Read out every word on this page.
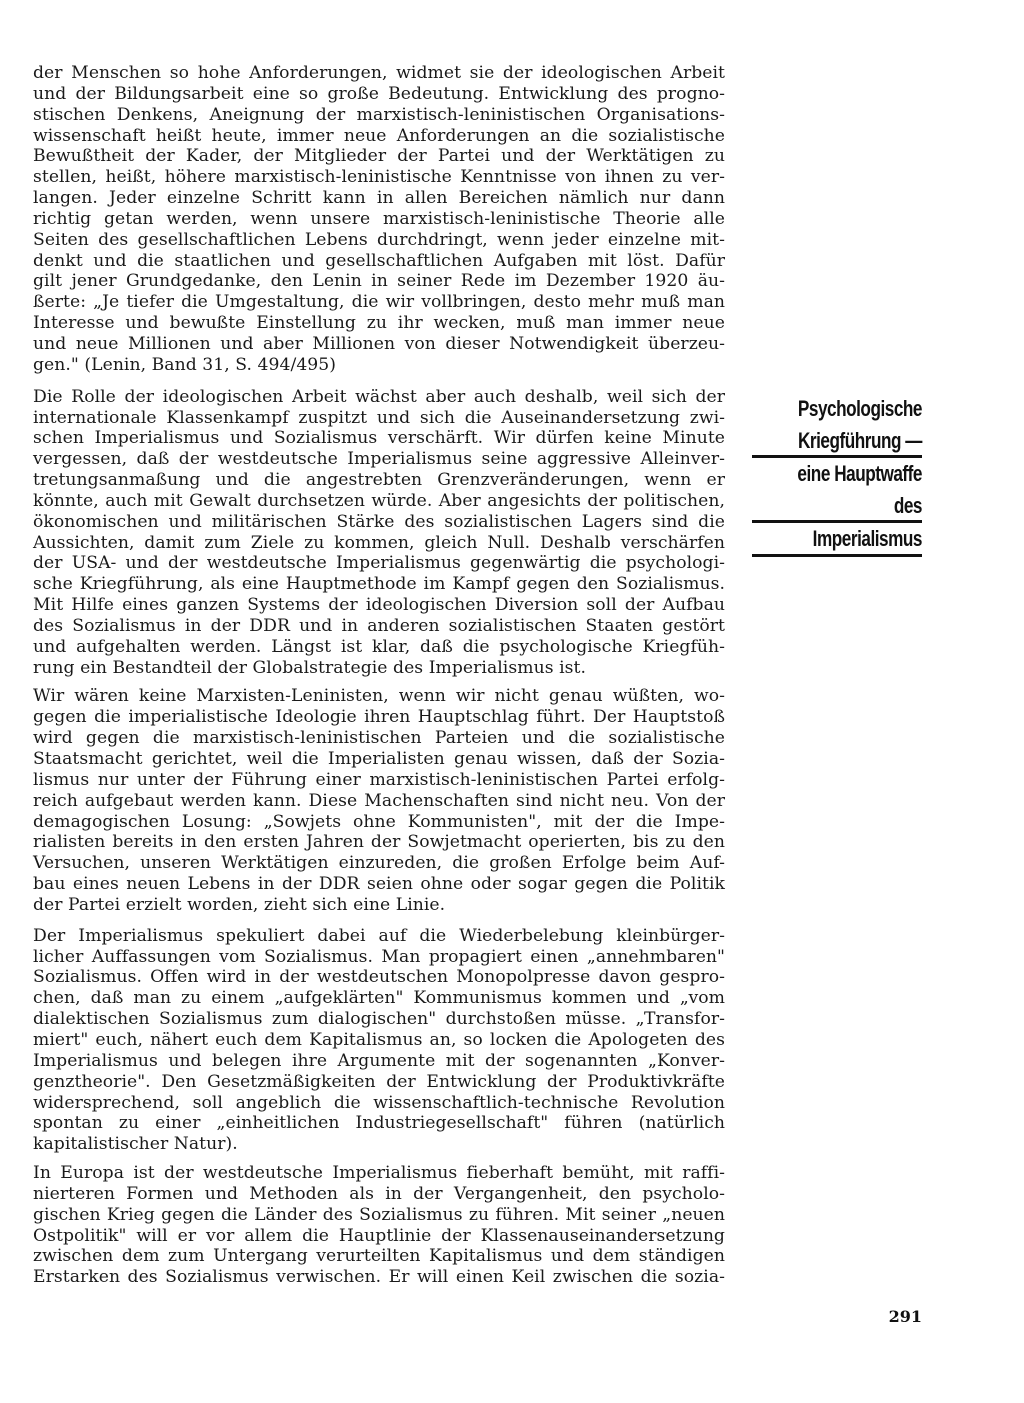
der Menschen so hohe Anforderungen, widmet sie der ideologischen Arbeit
und der Bildungsarbeit eine so große Bedeutung. Entwicklung des progno-
stischen Denkens, Aneignung der marxistisch-leninistischen Organisations-
wissenschaft heißt heute, immer neue Anforderungen an die sozialistische
Bewußtheit der Kader, der Mitglieder der Partei und der Werktätigen zu
stellen, heißt, höhere marxistisch-leninistische Kenntnisse von ihnen zu ver-
langen. Jeder einzelne Schritt kann in allen Bereichen nämlich nur dann
richtig getan werden, wenn unsere marxistisch-leninistische Theorie alle
Seiten des gesellschaftlichen Lebens durchdringt, wenn jeder einzelne mit-
denkt und die staatlichen und gesellschaftlichen Aufgaben mit löst. Dafür
gilt jener Grundgedanke, den Lenin in seiner Rede im Dezember 1920 äu-
ßerte: „Je tiefer die Umgestaltung, die wir vollbringen, desto mehr muß man
Interesse und bewußte Einstellung zu ihr wecken, muß man immer neue
und neue Millionen und aber Millionen von dieser Notwendigkeit überzeu-
gen." (Lenin, Band 31, S. 494/495)

Die Rolle der ideologischen Arbeit wächst aber auch deshalb, weil sich der
internationale Klassenkampf zuspitzt und sich die Auseinandersetzung zwi-
schen Imperialismus und Sozialismus verschärft. Wir dürfen keine Minute
vergessen, daß der westdeutsche Imperialismus seine aggressive Alleinver-
tretungsanmaßung und die angestrebten Grenzveränderungen, wenn er
könnte, auch mit Gewalt durchsetzen würde. Aber angesichts der politischen,
ökonomischen und militärischen Stärke des sozialistischen Lagers sind die
Aussichten, damit zum Ziele zu kommen, gleich Null. Deshalb verschärfen
der USA- und der westdeutsche Imperialismus gegenwärtig die psychologi-
sche Kriegführung, als eine Hauptmethode im Kampf gegen den Sozialismus.
Mit Hilfe eines ganzen Systems der ideologischen Diversion soll der Aufbau
des Sozialismus in der DDR und in anderen sozialistischen Staaten gestört
und aufgehalten werden. Längst ist klar, daß die psychologische Kriegfüh-
rung ein Bestandteil der Globalstrategie des Imperialismus ist.

Wir wären keine Marxisten-Leninisten, wenn wir nicht genau wüßten, wo-
gegen die imperialistische Ideologie ihren Hauptschlag führt. Der Hauptstoß
wird gegen die marxistisch-leninistischen Parteien und die sozialistische
Staatsmacht gerichtet, weil die Imperialisten genau wissen, daß der Sozia-
lismus nur unter der Führung einer marxistisch-leninistischen Partei erfolg-
reich aufgebaut werden kann. Diese Machenschaften sind nicht neu. Von der
demagogischen Losung: „Sowjets ohne Kommunisten", mit der die Impe-
rialisten bereits in den ersten Jahren der Sowjetmacht operierten, bis zu den
Versuchen, unseren Werktätigen einzureden, die großen Erfolge beim Auf-
bau eines neuen Lebens in der DDR seien ohne oder sogar gegen die Politik
der Partei erzielt worden, zieht sich eine Linie.

Der Imperialismus spekuliert dabei auf die Wiederbelebung kleinbürger-
licher Auffassungen vom Sozialismus. Man propagiert einen „annehmbaren"
Sozialismus. Offen wird in der westdeutschen Monopolpresse davon gespro-
chen, daß man zu einem „aufgeklärten" Kommunismus kommen und „vom
dialektischen Sozialismus zum dialogischen" durchstoßen müsse. „Transfor-
miert" euch, nähert euch dem Kapitalismus an, so locken die Apologeten des
Imperialismus und belegen ihre Argumente mit der sogenannten „Konver-
genztheorie". Den Gesetzmäßigkeiten der Entwicklung der Produktivkräfte
widersprechend, soll angeblich die wissenschaftlich-technische Revolution
spontan zu einer „einheitlichen Industriegesellschaft" führen (natürlich
kapitalistischer Natur).

In Europa ist der westdeutsche Imperialismus fieberhaft bemüht, mit raffi-
nierteren Formen und Methoden als in der Vergangenheit, den psycholo-
gischen Krieg gegen die Länder des Sozialismus zu führen. Mit seiner „neuen
Ostpolitik" will er vor allem die Hauptlinie der Klassenauseinandersetzung
zwischen dem zum Untergang verurteilten Kapitalismus und dem ständigen
Erstarken des Sozialismus verwischen. Er will einen Keil zwischen die sozia-

Psychologische
Kriegführung —
eine Hauptwaffe
des
Imperialismus
291
